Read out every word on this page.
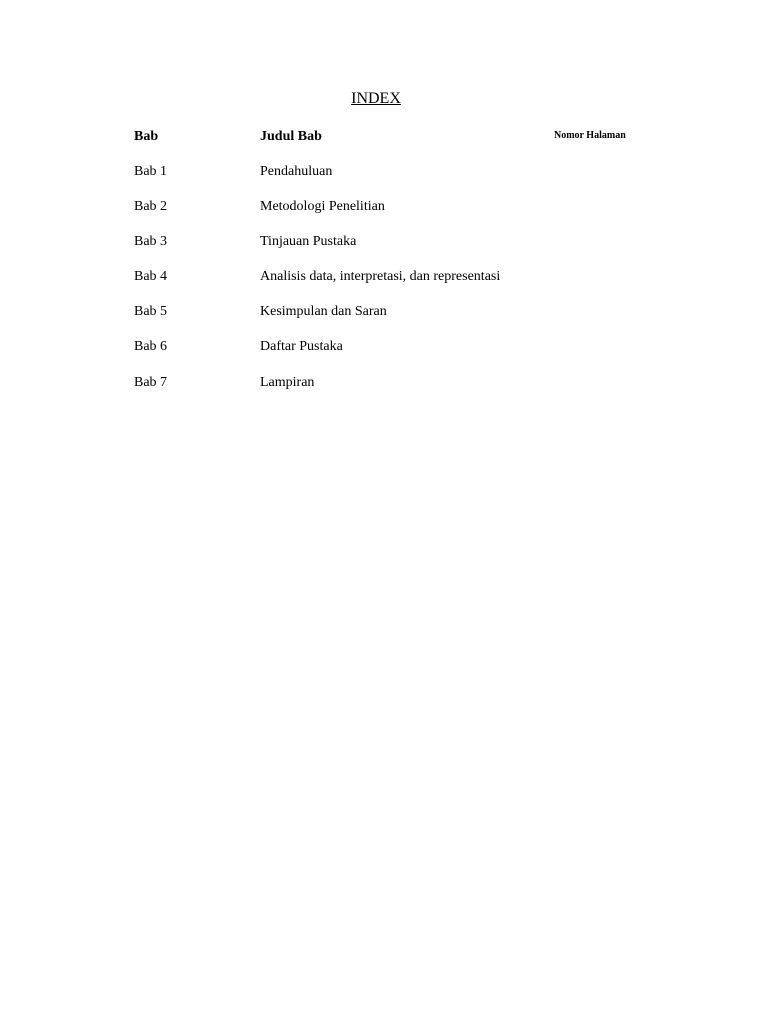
INDEX
Bab	Judul Bab	Nomor Halaman
Bab 1	Pendahuluan
Bab 2	Metodologi Penelitian
Bab 3	Tinjauan Pustaka
Bab 4	Analisis data, interpretasi, dan representasi
Bab 5	Kesimpulan dan Saran
Bab 6	Daftar Pustaka
Bab 7	Lampiran
